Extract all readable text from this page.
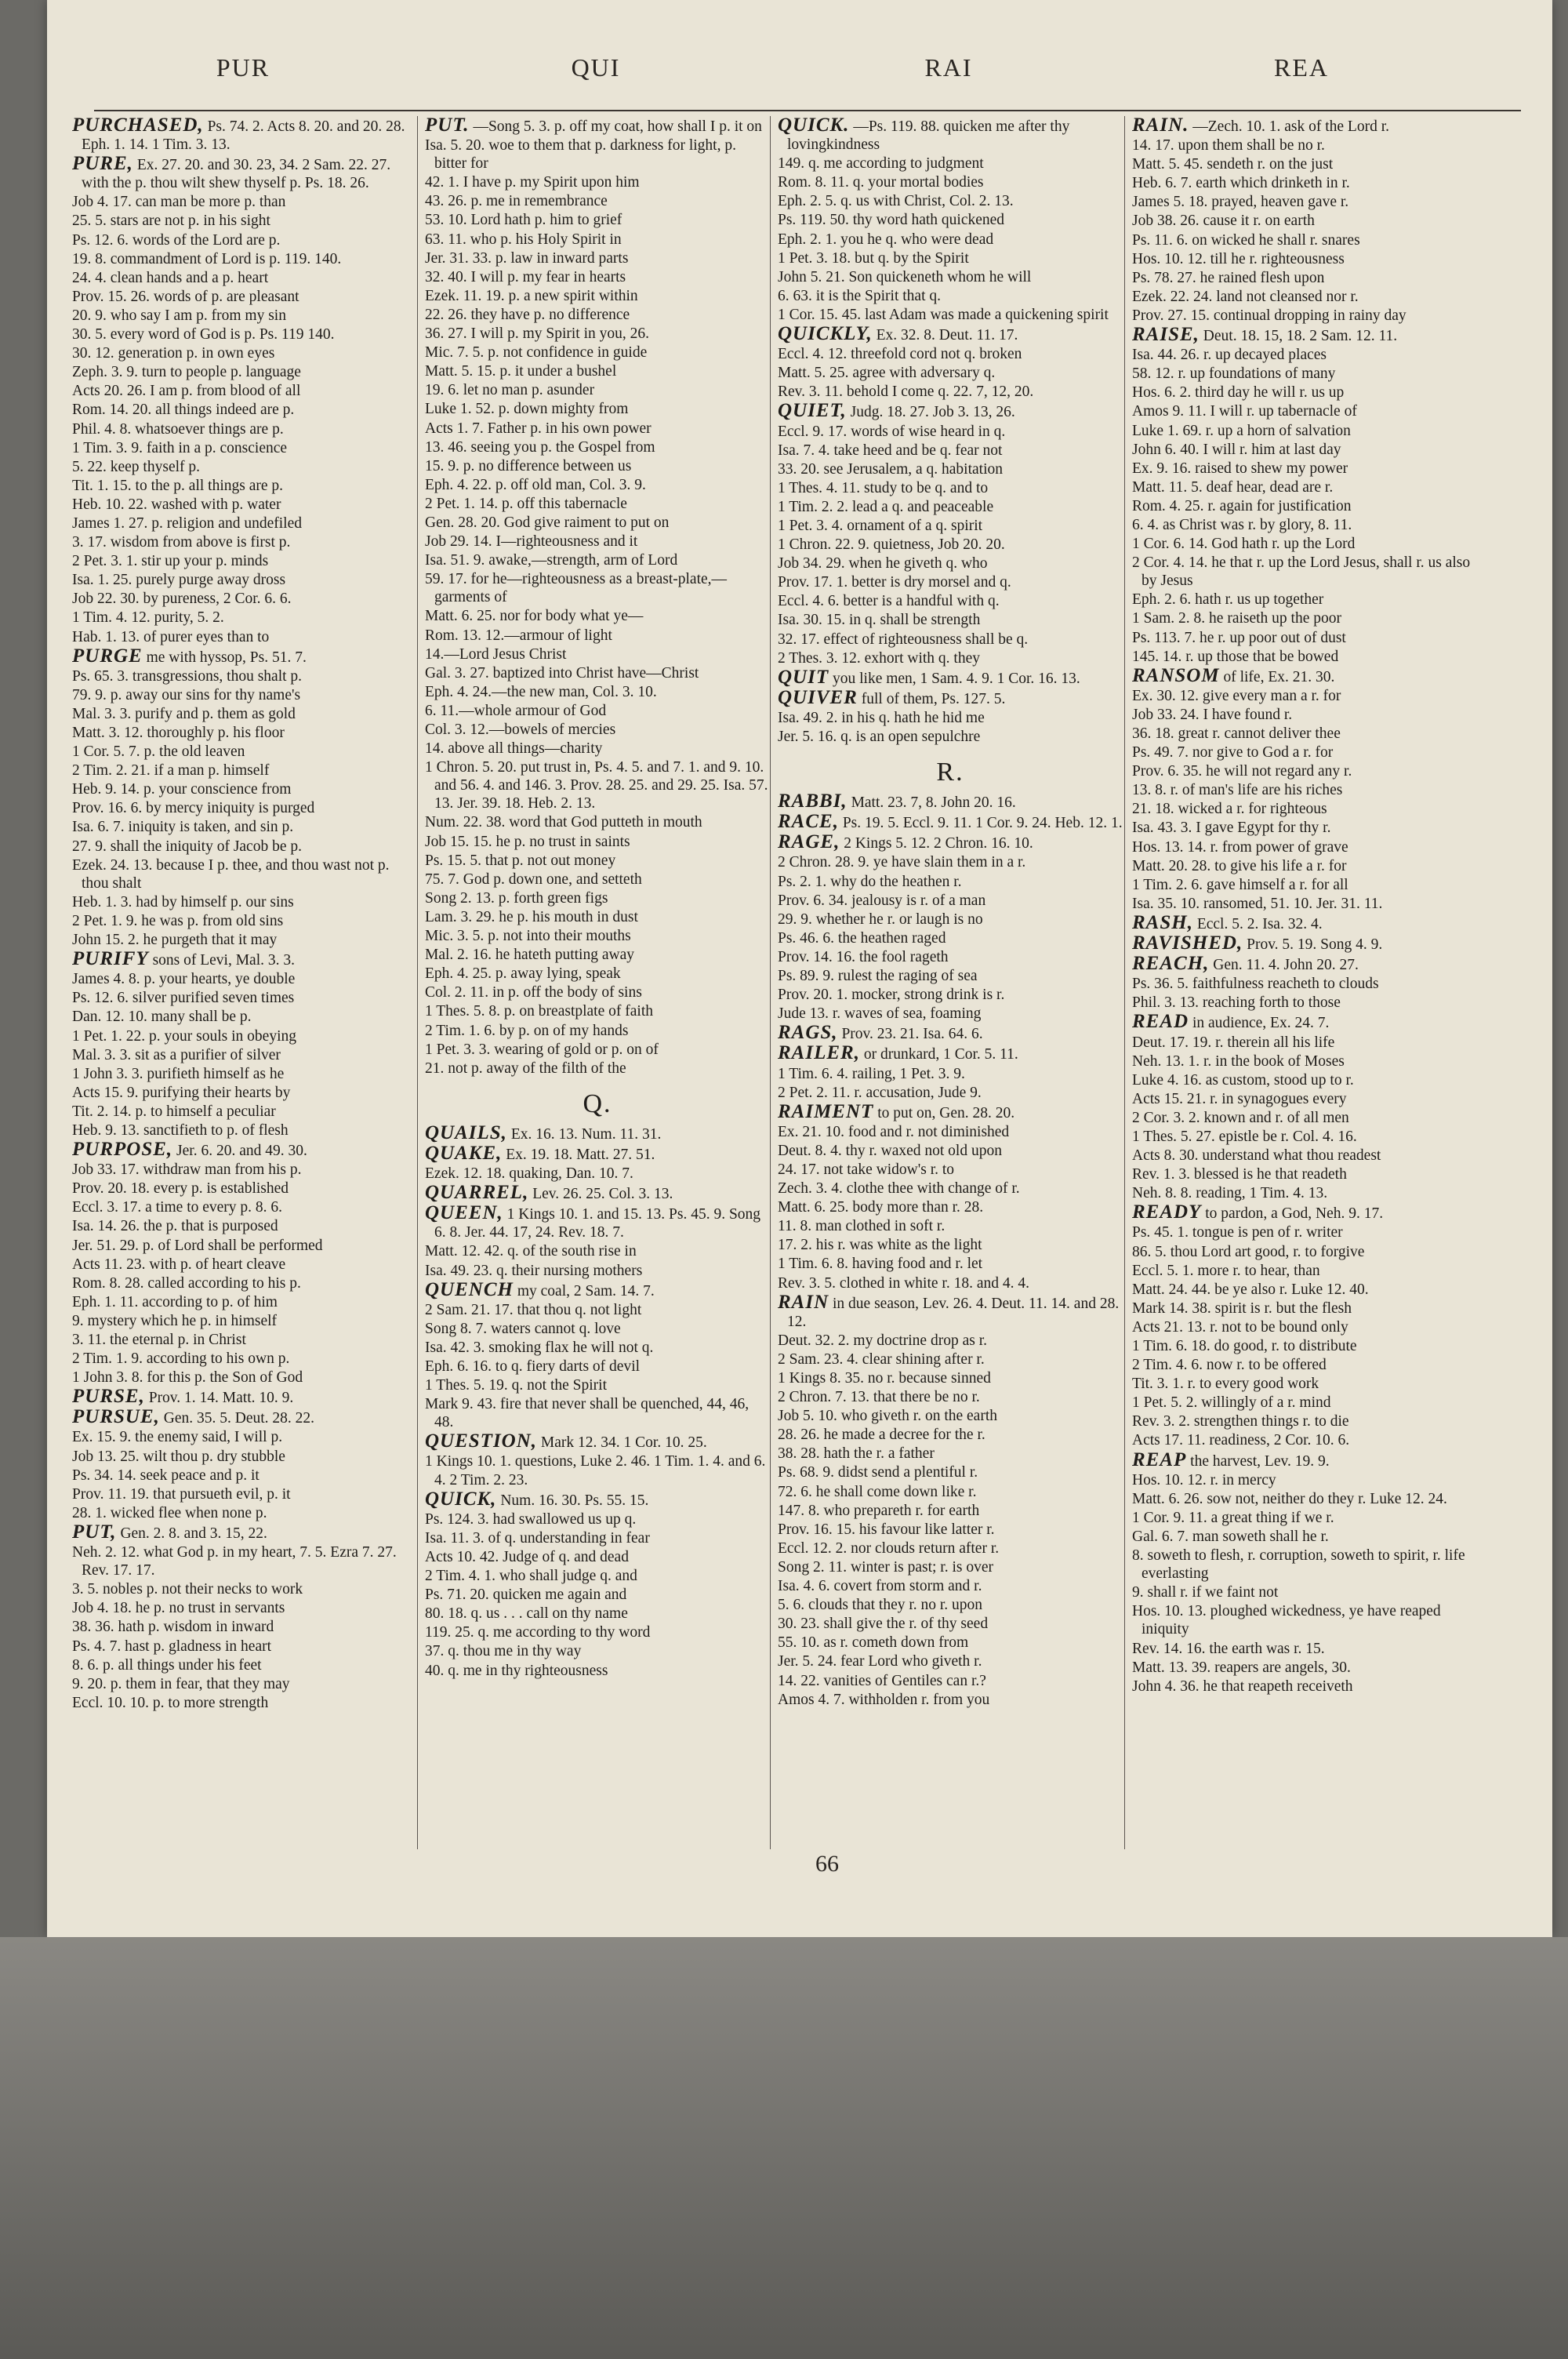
PUR	QUI	RAI	REA
PURCHASED, Ps. 74. 2. Acts 8. 20. and 20. 28. Eph. 1. 14. 1 Tim. 3. 13.
PURE, Ex. 27. 20. and 30. 23, 34. 2 Sam. 22. 27. with the p. thou wilt shew thyself p. Ps. 18. 26.
Job 4. 17. can man be more p. than
25. 5. stars are not p. in his sight
Ps. 12. 6. words of the Lord are p.
19. 8. commandment of Lord is p. 119. 140.
24. 4. clean hands and a p. heart
Prov. 15. 26. words of p. are pleasant
20. 9. who say I am p. from my sin
30. 5. every word of God is p. Ps. 119 140.
30. 12. generation p. in own eyes
Zeph. 3. 9. turn to people p. language
Acts 20. 26. I am p. from blood of all
Rom. 14. 20. all things indeed are p.
Phil. 4. 8. whatsoever things are p.
1 Tim. 3. 9. faith in a p. conscience
5. 22. keep thyself p.
Tit. 1. 15. to the p. all things are p.
Heb. 10. 22. washed with p. water
James 1. 27. p. religion and undefiled
3. 17. wisdom from above is first p.
2 Pet. 3. 1. stir up your p. minds
Isa. 1. 25. purely purge away dross
Job 22. 30. by pureness, 2 Cor. 6. 6.
1 Tim. 4. 12. purity, 5. 2.
Hab. 1. 13. of purer eyes than to
PURGE me with hyssop, Ps. 51. 7.
Ps. 65. 3. transgressions, thou shalt p.
79. 9. p. away our sins for thy name's
Mal. 3. 3. purify and p. them as gold
Matt. 3. 12. thoroughly p. his floor
1 Cor. 5. 7. p. the old leaven
2 Tim. 2. 21. if a man p. himself
Heb. 9. 14. p. your conscience from
Prov. 16. 6. by mercy iniquity is purged
Isa. 6. 7. iniquity is taken, and sin p.
27. 9. shall the iniquity of Jacob be p.
Ezek. 24. 13. because I p. thee, and thou wast not p. thou shalt
Heb. 1. 3. had by himself p. our sins
2 Pet. 1. 9. he was p. from old sins
John 15. 2. he purgeth that it may
PURIFY sons of Levi, Mal. 3. 3.
James 4. 8. p. your hearts, ye double
Ps. 12. 6. silver purified seven times
Dan. 12. 10. many shall be p.
1 Pet. 1. 22. p. your souls in obeying
Mal. 3. 3. sit as a purifier of silver
1 John 3. 3. purifieth himself as he
Acts 15. 9. purifying their hearts by
Tit. 2. 14. p. to himself a peculiar
Heb. 9. 13. sanctifieth to p. of flesh
PURPOSE, Jer. 6. 20. and 49. 30.
Job 33. 17. withdraw man from his p.
Prov. 20. 18. every p. is established
Eccl. 3. 17. a time to every p. 8. 6.
Isa. 14. 26. the p. that is purposed
Jer. 51. 29. p. of Lord shall be performed
Acts 11. 23. with p. of heart cleave
Rom. 8. 28. called according to his p.
Eph. 1. 11. according to p. of him
9. mystery which he p. in himself
3. 11. the eternal p. in Christ
2 Tim. 1. 9. according to his own p.
1 John 3. 8. for this p. the Son of God
PURSE, Prov. 1. 14. Matt. 10. 9.
PURSUE, Gen. 35. 5. Deut. 28. 22.
Ex. 15. 9. the enemy said, I will p.
Job 13. 25. wilt thou p. dry stubble
Ps. 34. 14. seek peace and p. it
Prov. 11. 19. that pursueth evil, p. it
28. 1. wicked flee when none p.
PUT, Gen. 2. 8. and 3. 15, 22.
Neh. 2. 12. what God p. in my heart, 7. 5. Ezra 7. 27. Rev. 17. 17.
3. 5. nobles p. not their necks to work
Job 4. 18. he p. no trust in servants
38. 36. hath p. wisdom in inward
Ps. 4. 7. hast p. gladness in heart
8. 6. p. all things under his feet
9. 20. p. them in fear, that they may
Eccl. 10. 10. p. to more strength
PUT. —Song 5. 3. p. off my coat, how shall I p. it on
Isa. 5. 20. woe to them that p. darkness for light, p. bitter for
42. 1. I have p. my Spirit upon him
43. 26. p. me in remembrance
53. 10. Lord hath p. him to grief
63. 11. who p. his Holy Spirit in
Jer. 31. 33. p. law in inward parts
32. 40. I will p. my fear in hearts
Ezek. 11. 19. p. a new spirit within
22. 26. they have p. no difference
36. 27. I will p. my Spirit in you, 26.
Mic. 7. 5. p. not confidence in guide
Matt. 5. 15. p. it under a bushel
19. 6. let no man p. asunder
Luke 1. 52. p. down mighty from
Acts 1. 7. Father p. in his own power
13. 46. seeing you p. the Gospel from
15. 9. p. no difference between us
Eph. 4. 22. p. off old man, Col. 3. 9.
2 Pet. 1. 14. p. off this tabernacle
Gen. 28. 20. God give raiment to put on
Job 29. 14. I—righteousness and it
Isa. 51. 9. awake,—strength, arm of Lord
59. 17. for he—righteousness as a breast-plate,—garments of
Matt. 6. 25. nor for body what ye—
Rom. 13. 12.—armour of light
14.—Lord Jesus Christ
Gal. 3. 27. baptized into Christ have—Christ
Eph. 4. 24.—the new man, Col. 3. 10.
6. 11.—whole armour of God
Col. 3. 12.—bowels of mercies
14. above all things—charity
1 Chron. 5. 20. put trust in, Ps. 4. 5. and 7. 1. and 9. 10. and 56. 4. and 146. 3. Prov. 28. 25. and 29. 25. Isa. 57. 13. Jer. 39. 18. Heb. 2. 13.
Num. 22. 38. word that God putteth in mouth
Job 15. 15. he p. no trust in saints
Ps. 15. 5. that p. not out money
75. 7. God p. down one, and setteth
Song 2. 13. p. forth green figs
Lam. 3. 29. he p. his mouth in dust
Mic. 3. 5. p. not into their mouths
Mal. 2. 16. he hateth putting away
Eph. 4. 25. p. away lying, speak
Col. 2. 11. in p. off the body of sins
1 Thes. 5. 8. p. on breastplate of faith
2 Tim. 1. 6. by p. on of my hands
1 Pet. 3. 3. wearing of gold or p. on of
21. not p. away of the filth of the
Q.
QUAILS, Ex. 16. 13. Num. 11. 31.
QUAKE, Ex. 19. 18. Matt. 27. 51.
Ezek. 12. 18. quaking, Dan. 10. 7.
QUARREL, Lev. 26. 25. Col. 3. 13.
QUEEN, 1 Kings 10. 1. and 15. 13. Ps. 45. 9. Song 6. 8. Jer. 44. 17, 24. Rev. 18. 7.
Matt. 12. 42. q. of the south rise in
Isa. 49. 23. q. their nursing mothers
QUENCH my coal, 2 Sam. 14. 7.
2 Sam. 21. 17. that thou q. not light
Song 8. 7. waters cannot q. love
Isa. 42. 3. smoking flax he will not q.
Eph. 6. 16. to q. fiery darts of devil
1 Thes. 5. 19. q. not the Spirit
Mark 9. 43. fire that never shall be quenched, 44, 46, 48.
QUESTION, Mark 12. 34. 1 Cor. 10. 25.
1 Kings 10. 1. questions, Luke 2. 46. 1 Tim. 1. 4. and 6. 4. 2 Tim. 2. 23.
QUICK, Num. 16. 30. Ps. 55. 15.
Ps. 124. 3. had swallowed us up q.
Isa. 11. 3. of q. understanding in fear
Acts 10. 42. Judge of q. and dead
2 Tim. 4. 1. who shall judge q. and
Ps. 71. 20. quicken me again and
80. 18. q. us . . . call on thy name
119. 25. q. me according to thy word
37. q. thou me in thy way
40. q. me in thy righteousness
QUICK. —Ps. 119. 88. quicken me after thy lovingkindness
149. q. me according to judgment
Rom. 8. 11. q. your mortal bodies
Eph. 2. 5. q. us with Christ, Col. 2. 13.
Ps. 119. 50. thy word hath quickened
Eph. 2. 1. you he q. who were dead
1 Pet. 3. 18. but q. by the Spirit
John 5. 21. Son quickeneth whom he will
6. 63. it is the Spirit that q.
1 Cor. 15. 45. last Adam was made a quickening spirit
QUICKLY, Ex. 32. 8. Deut. 11. 17.
Eccl. 4. 12. threefold cord not q. broken
Matt. 5. 25. agree with adversary q.
Rev. 3. 11. behold I come q. 22. 7, 12, 20.
QUIET, Judg. 18. 27. Job 3. 13, 26.
Eccl. 9. 17. words of wise heard in q.
Isa. 7. 4. take heed and be q. fear not
33. 20. see Jerusalem, a q. habitation
1 Thes. 4. 11. study to be q. and to
1 Tim. 2. 2. lead a q. and peaceable
1 Pet. 3. 4. ornament of a q. spirit
1 Chron. 22. 9. quietness, Job 20. 20.
Job 34. 29. when he giveth q. who
Prov. 17. 1. better is dry morsel and q.
Eccl. 4. 6. better is a handful with q.
Isa. 30. 15. in q. shall be strength
32. 17. effect of righteousness shall be q.
2 Thes. 3. 12. exhort with q. they
QUIT you like men, 1 Sam. 4. 9. 1 Cor. 16. 13.
QUIVER full of them, Ps. 127. 5.
Isa. 49. 2. in his q. hath he hid me
Jer. 5. 16. q. is an open sepulchre
R.
RABBI, Matt. 23. 7, 8. John 20. 16.
RACE, Ps. 19. 5. Eccl. 9. 11. 1 Cor. 9. 24. Heb. 12. 1.
RAGE, 2 Kings 5. 12. 2 Chron. 16. 10.
2 Chron. 28. 9. ye have slain them in a r.
Ps. 2. 1. why do the heathen r.
Prov. 6. 34. jealousy is r. of a man
29. 9. whether he r. or laugh is no
Ps. 46. 6. the heathen raged
Prov. 14. 16. the fool rageth
Ps. 89. 9. rulest the raging of sea
Prov. 20. 1. mocker, strong drink is r.
Jude 13. r. waves of sea, foaming
RAGS, Prov. 23. 21. Isa. 64. 6.
RAILER, or drunkard, 1 Cor. 5. 11.
1 Tim. 6. 4. railing, 1 Pet. 3. 9.
2 Pet. 2. 11. r. accusation, Jude 9.
RAIMENT to put on, Gen. 28. 20.
Ex. 21. 10. food and r. not diminished
Deut. 8. 4. thy r. waxed not old upon
24. 17. not take widow's r. to
Zech. 3. 4. clothe thee with change of r.
Matt. 6. 25. body more than r. 28.
11. 8. man clothed in soft r.
17. 2. his r. was white as the light
1 Tim. 6. 8. having food and r. let
Rev. 3. 5. clothed in white r. 18. and 4. 4.
RAIN in due season, Lev. 26. 4. Deut. 11. 14. and 28. 12.
Deut. 32. 2. my doctrine drop as r.
2 Sam. 23. 4. clear shining after r.
1 Kings 8. 35. no r. because sinned
2 Chron. 7. 13. that there be no r.
Job 5. 10. who giveth r. on the earth
28. 26. he made a decree for the r.
38. 28. hath the r. a father
Ps. 68. 9. didst send a plentiful r.
72. 6. he shall come down like r.
147. 8. who prepareth r. for earth
Prov. 16. 15. his favour like latter r.
Eccl. 12. 2. nor clouds return after r.
Song 2. 11. winter is past; r. is over
Isa. 4. 6. covert from storm and r.
5. 6. clouds that they r. no r. upon
30. 23. shall give the r. of thy seed
55. 10. as r. cometh down from
Jer. 5. 24. fear Lord who giveth r.
14. 22. vanities of Gentiles can r.?
Amos 4. 7. withholden r. from you
RAIN. —Zech. 10. 1. ask of the Lord r.
14. 17. upon them shall be no r.
Matt. 5. 45. sendeth r. on the just
Heb. 6. 7. earth which drinketh in r.
James 5. 18. prayed, heaven gave r.
Job 38. 26. cause it r. on earth
Ps. 11. 6. on wicked he shall r. snares
Hos. 10. 12. till he r. righteousness
Ps. 78. 27. he rained flesh upon
Ezek. 22. 24. land not cleansed nor r.
Prov. 27. 15. continual dropping in rainy day
RAISE, Deut. 18. 15, 18. 2 Sam. 12. 11.
Isa. 44. 26. r. up decayed places
58. 12. r. up foundations of many
Hos. 6. 2. third day he will r. us up
Amos 9. 11. I will r. up tabernacle of
Luke 1. 69. r. up a horn of salvation
John 6. 40. I will r. him at last day
Ex. 9. 16. raised to shew my power
Matt. 11. 5. deaf hear, dead are r.
Rom. 4. 25. r. again for justification
6. 4. as Christ was r. by glory, 8. 11.
1 Cor. 6. 14. God hath r. up the Lord
2 Cor. 4. 14. he that r. up the Lord Jesus, shall r. us also by Jesus
Eph. 2. 6. hath r. us up together
1 Sam. 2. 8. he raiseth up the poor
Ps. 113. 7. he r. up poor out of dust
145. 14. r. up those that be bowed
RANSOM of life, Ex. 21. 30.
Ex. 30. 12. give every man a r. for
Job 33. 24. I have found r.
36. 18. great r. cannot deliver thee
Ps. 49. 7. nor give to God a r. for
Prov. 6. 35. he will not regard any r.
13. 8. r. of man's life are his riches
21. 18. wicked a r. for righteous
Isa. 43. 3. I gave Egypt for thy r.
Hos. 13. 14. r. from power of grave
Matt. 20. 28. to give his life a r. for
1 Tim. 2. 6. gave himself a r. for all
Isa. 35. 10. ransomed, 51. 10. Jer. 31. 11.
RASH, Eccl. 5. 2. Isa. 32. 4.
RAVISHED, Prov. 5. 19. Song 4. 9.
REACH, Gen. 11. 4. John 20. 27.
Ps. 36. 5. faithfulness reacheth to clouds
Phil. 3. 13. reaching forth to those
READ in audience, Ex. 24. 7.
Deut. 17. 19. r. therein all his life
Neh. 13. 1. r. in the book of Moses
Luke 4. 16. as custom, stood up to r.
Acts 15. 21. r. in synagogues every
2 Cor. 3. 2. known and r. of all men
1 Thes. 5. 27. epistle be r. Col. 4. 16.
Acts 8. 30. understand what thou readest
Rev. 1. 3. blessed is he that readeth
Neh. 8. 8. reading, 1 Tim. 4. 13.
READY to pardon, a God, Neh. 9. 17.
Ps. 45. 1. tongue is pen of r. writer
86. 5. thou Lord art good, r. to forgive
Eccl. 5. 1. more r. to hear, than
Matt. 24. 44. be ye also r. Luke 12. 40.
Mark 14. 38. spirit is r. but the flesh
Acts 21. 13. r. not to be bound only
1 Tim. 6. 18. do good, r. to distribute
2 Tim. 4. 6. now r. to be offered
Tit. 3. 1. r. to every good work
1 Pet. 5. 2. willingly of a r. mind
Rev. 3. 2. strengthen things r. to die
Acts 17. 11. readiness, 2 Cor. 10. 6.
REAP the harvest, Lev. 19. 9.
Hos. 10. 12. r. in mercy
Matt. 6. 26. sow not, neither do they r. Luke 12. 24.
1 Cor. 9. 11. a great thing if we r.
Gal. 6. 7. man soweth shall he r.
8. soweth to flesh, r. corruption, soweth to spirit, r. life everlasting
9. shall r. if we faint not
Hos. 10. 13. ploughed wickedness, ye have reaped iniquity
Rev. 14. 16. the earth was r. 15.
Matt. 13. 39. reapers are angels, 30.
John 4. 36. he that reapeth receiveth
66
